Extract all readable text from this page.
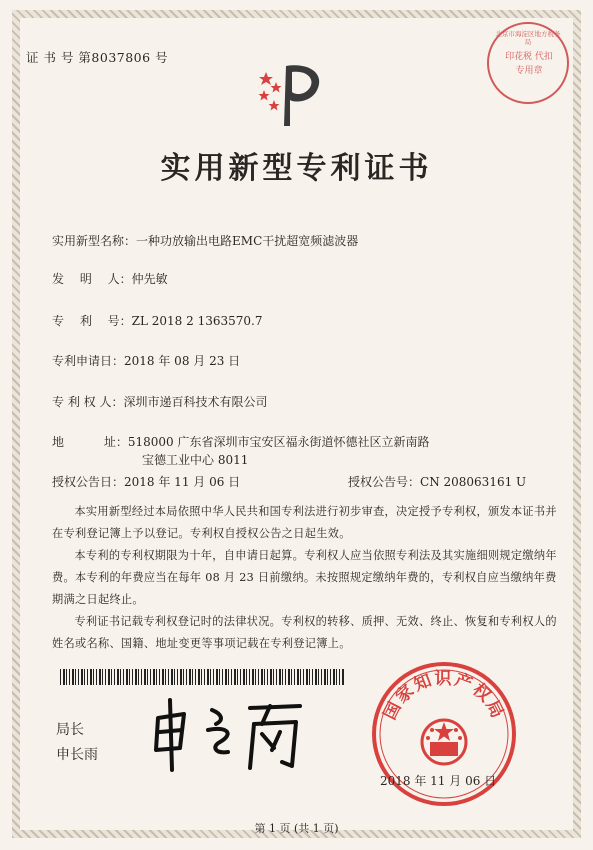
证 书 号 第8037806 号
北京市海淀区地方税务局
印花税 代扣专用章
实用新型专利证书
实用新型名称：一种功放输出电路EMC干扰超宽频滤波器
发　 明 　人：仲先敏
专　 利 　号：ZL 2018 2 1363570.7
专利申请日：2018 年 08 月 23 日
专 利 权 人：深圳市递百科技术有限公司
地　　　 址：518000 广东省深圳市宝安区福永街道怀德社区立新南路
宝德工业中心 8011
授权公告日：2018 年 11 月 06 日	授权公告号：CN 208063161 U
本实用新型经过本局依照中华人民共和国专利法进行初步审查，决定授予专利权，颁发本证书并在专利登记簿上予以登记。专利权自授权公告之日起生效。
本专利的专利权期限为十年，自申请日起算。专利权人应当依照专利法及其实施细则规定缴纳年费。本专利的年费应当在每年 08 月 23 日前缴纳。未按照规定缴纳年费的，专利权自应当缴纳年费期满之日起终止。
专利证书记载专利权登记时的法律状况。专利权的转移、质押、无效、终止、恢复和专利权人的姓名或名称、国籍、地址变更等事项记载在专利登记簿上。
局长
申长雨
国家知识产权局
2018 年 11 月 06 日
第 1 页 (共 1 页)
